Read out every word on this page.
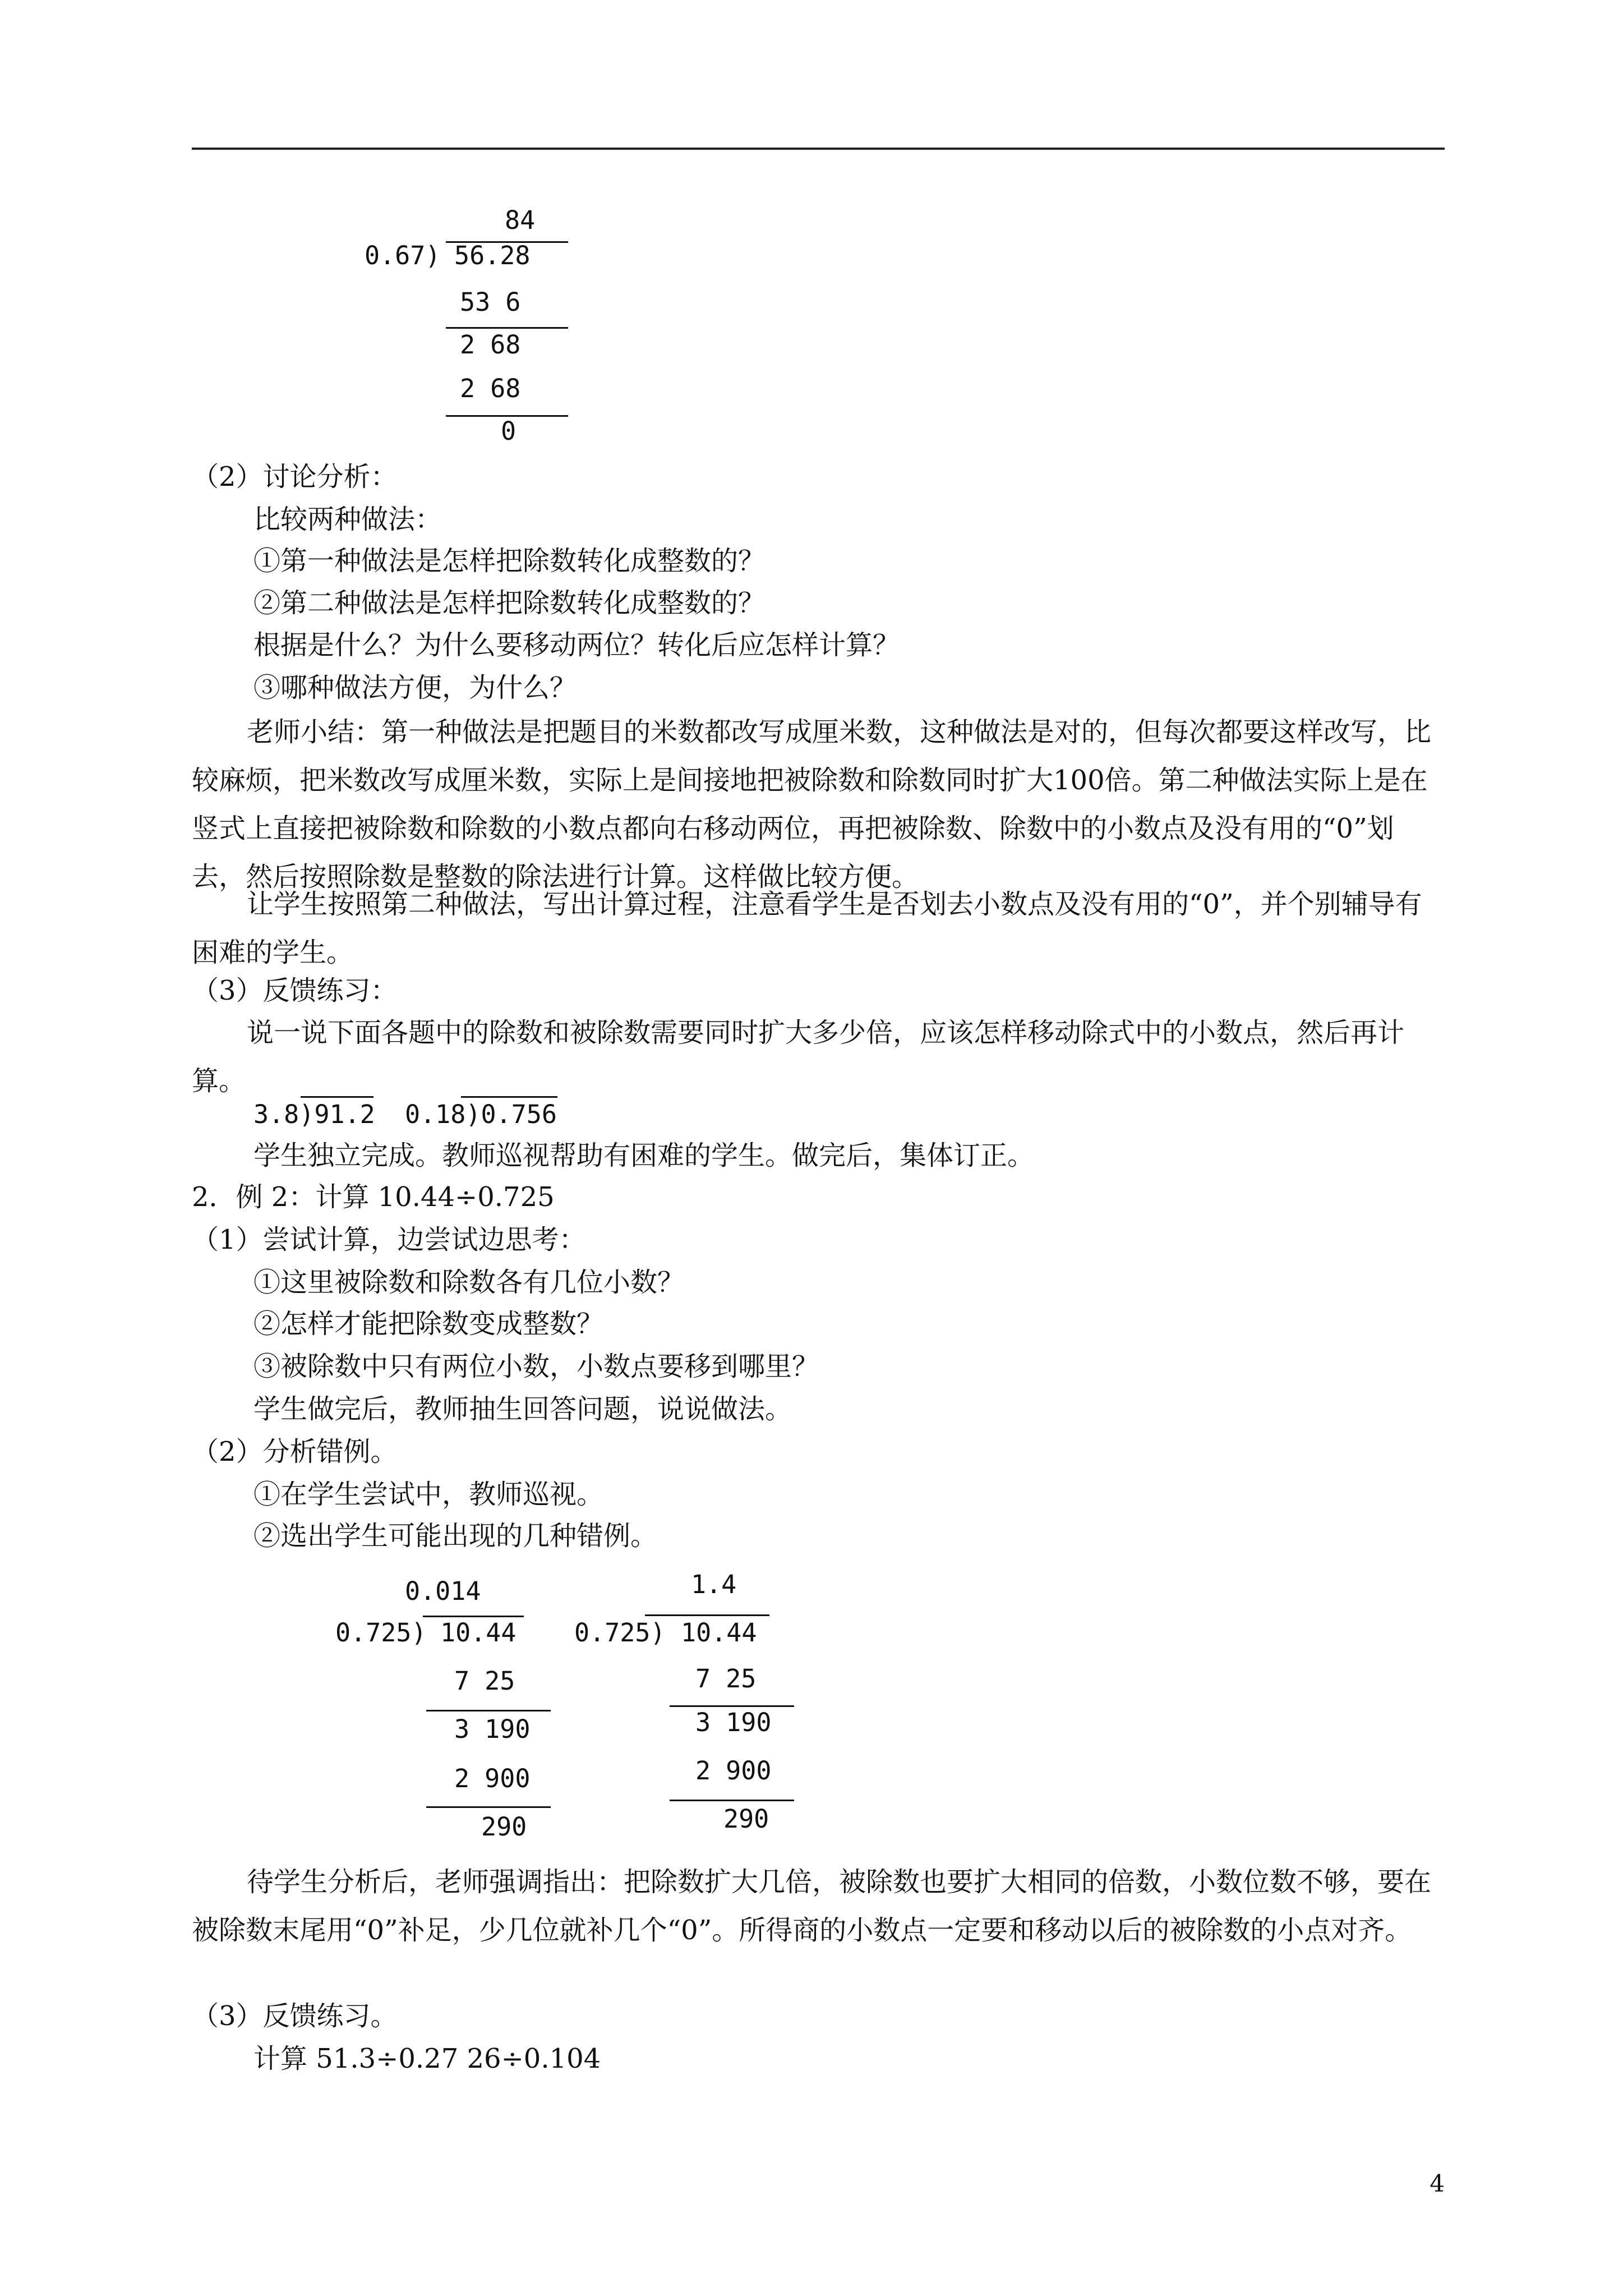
84
0.67) 56.28
53 6
2 68
2 68
0
（2）讨论分析：
比较两种做法：
①第一种做法是怎样把除数转化成整数的？
②第二种做法是怎样把除数转化成整数的？
根据是什么？为什么要移动两位？转化后应怎样计算？
③哪种做法方便，为什么？

老师小结：第一种做法是把题目的米数都改写成厘米数，这种做法是对的，但每次都要这样改写，比较麻烦，把米数改写成厘米数，实际上是间接地把被除数和除数同时扩大100倍。第二种做法实际上是在竖式上直接把被除数和除数的小数点都向右移动两位，再把被除数、除数中的小数点及没有用的“0”划去，然后按照除数是整数的除法进行计算。这样做比较方便。

让学生按照第二种做法，写出计算过程，注意看学生是否划去小数点及没有用的“0”，并个别辅导有困难的学生。

（3）反馈练习：

说一说下面各题中的除数和被除数需要同时扩大多少倍，应该怎样移动除式中的小数点，然后再计算。

3.8)91.2 0.18)0.756
学生独立完成。教师巡视帮助有困难的学生。做完后，集体订正。
2．例 2：计算 10.44÷0.725
（1）尝试计算，边尝试边思考：
①这里被除数和除数各有几位小数？
②怎样才能把除数变成整数？
③被除数中只有两位小数，小数点要移到哪里？
学生做完后，教师抽生回答问题，说说做法。
（2）分析错例。
①在学生尝试中，教师巡视。
②选出学生可能出现的几种错例。
0.014
0.725) 10.44
7 25
3 190
2 900
290
1.4
0.725) 10.44
7 25
3 190
2 900
290

待学生分析后，老师强调指出：把除数扩大几倍，被除数也要扩大相同的倍数，小数位数不够，要在被除数末尾用“0”补足，少几位就补几个“0”。所得商的小数点一定要和移动以后的被除数的小点对齐。

（3）反馈练习。
计算 51.3÷0.27 26÷0.104
4
